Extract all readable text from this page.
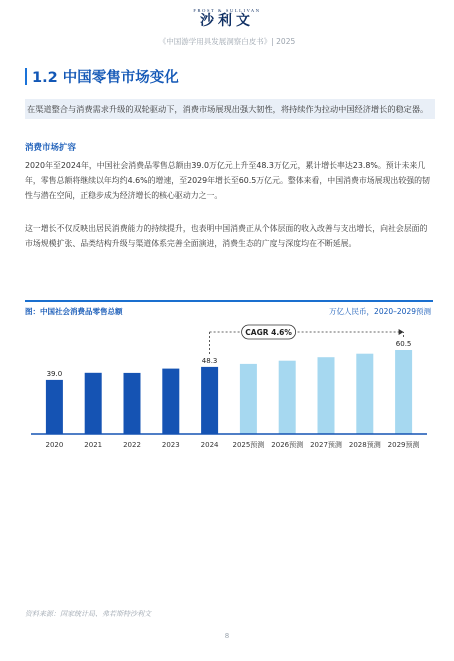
FROST & SULLIVAN
沙利文
《中国游学用具发展洞察白皮书》| 2025
1.2 中国零售市场变化
在渠道整合与消费需求升级的双轮驱动下，消费市场展现出强大韧性，将持续作为拉动中国经济增长的稳定器。
消费市场扩容

2020年至2024年，中国社会消费品零售总额由39.0万亿元上升至48.3万亿元，累计增长率达23.8%。预计未来几年，零售总额将继续以年均约4.6%的增速，至2029年增长至60.5万亿元。整体来看，中国消费市场展现出较强的韧性与潜在空间，正稳步成为经济增长的核心驱动力之一。

这一增长不仅反映出居民消费能力的持续提升，也表明中国消费正从个体层面的收入改善与支出增长，向社会层面的市场规模扩张、品类结构升级与渠道体系完善全面演进，消费生态的广度与深度均在不断延展。

图：中国社会消费品零售总额	万亿人民币，2020–2029预测
2020	2021	2022	2023	2024 2025预测 2026预测 2027预测 2028预测 2029预测
39.0
48.3
60.5
CAGR 4.6%
资料来源：国家统计局、弗若斯特沙利文
8
